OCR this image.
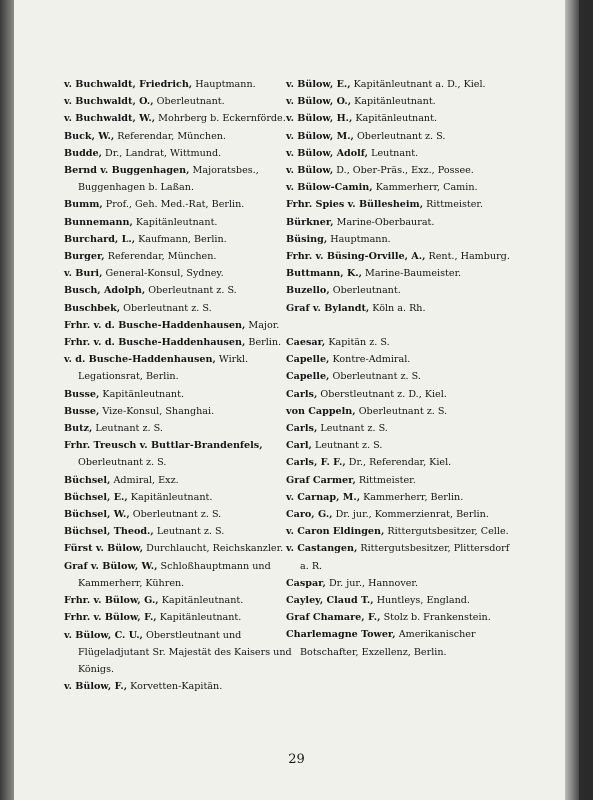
v. Buchwaldt, Friedrich, Hauptmann.

v. Buchwaldt, O., Oberleutnant.

v. Buchwaldt, W., Mohrberg b. Eckernförde.

Buck, W., Referendar, München.

Budde, Dr., Landrat, Wittmund.

Bernd v. Buggenhagen, Majoratsbes., Buggenhagen b. Laßan.

Bumm, Prof., Geh. Med.-Rat, Berlin.

Bunnemann, Kapitänleutnant.

Burchard, L., Kaufmann, Berlin.

Burger, Referendar, München.

v. Buri, General-Konsul, Sydney.

Busch, Adolph, Oberleutnant z. S.

Buschbek, Oberleutnant z. S.

Frhr. v. d. Busche-Haddenhausen, Major.

Frhr. v. d. Busche-Haddenhausen, Berlin.

v. d. Busche-Haddenhausen, Wirkl. Legationsrat, Berlin.

Busse, Kapitänleutnant.

Busse, Vize-Konsul, Shanghai.

Butz, Leutnant z. S.

Frhr. Treusch v. Buttlar-Brandenfels, Oberleutnant z. S.

Büchsel, Admiral, Exz.

Büchsel, E., Kapitänleutnant.

Büchsel, W., Oberleutnant z. S.

Büchsel, Theod., Leutnant z. S.

Fürst v. Bülow, Durchlaucht, Reichskanzler.

Graf v. Bülow, W., Schloßhauptmann und Kammerherr, Kühren.

Frhr. v. Bülow, G., Kapitänleutnant.

Frhr. v. Bülow, F., Kapitänleutnant.

v. Bülow, C. U., Oberstleutnant und Flügeladjutant Sr. Majestät des Kaisers und Königs.

v. Bülow, F., Korvetten-Kapitän.

v. Bülow, E., Kapitänleutnant a. D., Kiel.

v. Bülow, O., Kapitänleutnant.

v. Bülow, H., Kapitänleutnant.

v. Bülow, M., Oberleutnant z. S.

v. Bülow, Adolf, Leutnant.

v. Bülow, D., Ober-Präs., Exz., Possee.

v. Bülow-Camin, Kammerherr, Camin.

Frhr. Spies v. Büllesheim, Rittmeister.

Bürkner, Marine-Oberbaurat.

Büsing, Hauptmann.

Frhr. v. Büsing-Orville, A., Rent., Hamburg.

Buttmann, K., Marine-Baumeister.

Buzello, Oberleutnant.

Graf v. Bylandt, Köln a. Rh.

Caesar, Kapitän z. S.

Capelle, Kontre-Admiral.

Capelle, Oberleutnant z. S.

Carls, Oberstleutnant z. D., Kiel.

von Cappeln, Oberleutnant z. S.

Carls, Leutnant z. S.

Carl, Leutnant z. S.

Carls, F. F., Dr., Referendar, Kiel.

Graf Carmer, Rittmeister.

v. Carnap, M., Kammerherr, Berlin.

Caro, G., Dr. jur., Kommerzienrat, Berlin.

v. Caron Eldingen, Rittergutsbesitzer, Celle.

v. Castangen, Rittergutsbesitzer, Plittersdorf a. R.

Caspar, Dr. jur., Hannover.

Cayley, Claud T., Huntleys, England.

Graf Chamare, F., Stolz b. Frankenstein.

Charlemagne Tower, Amerikanischer Botschafter, Exzellenz, Berlin.

29
